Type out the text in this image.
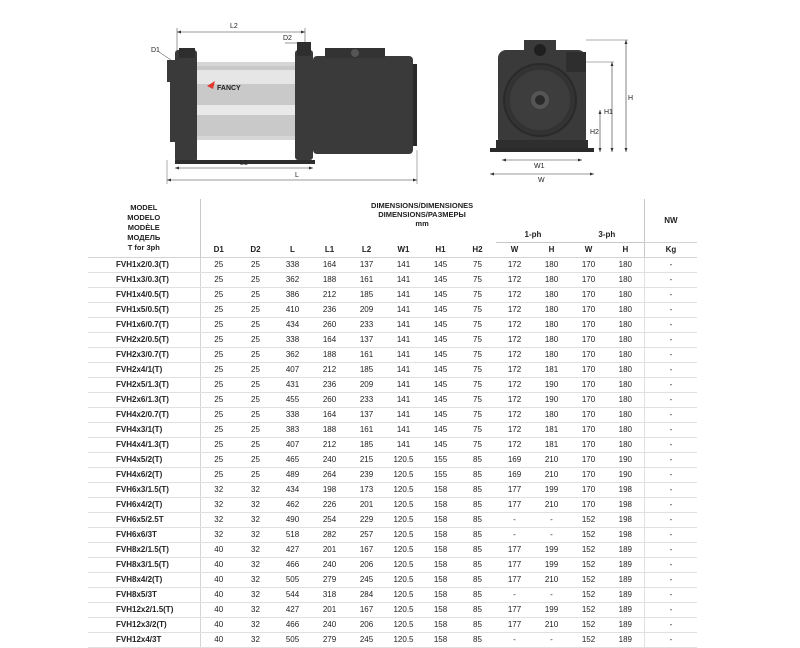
L2
D1
D2
FANCY
L1
L
H
H1
H2
W1
W
MODEL
MODELO
MODÈLE
МОДЕЛЬ
T for 3ph	DIMENSIONS/DIMENSIONES
DIMENSIONS/РАЗМЕРЫ
mm												NW
									1-ph		3-ph		
	D1	D2	L	L1	L2	W1	H1	H2	W	H	W	H	Kg
FVH1x2/0.3(T)	25	25	338	164	137	141	145	75	172	180	170	180	-
FVH1x3/0.3(T)	25	25	362	188	161	141	145	75	172	180	170	180	-
FVH1x4/0.5(T)	25	25	386	212	185	141	145	75	172	180	170	180	-
FVH1x5/0.5(T)	25	25	410	236	209	141	145	75	172	180	170	180	-
FVH1x6/0.7(T)	25	25	434	260	233	141	145	75	172	180	170	180	-
FVH2x2/0.5(T)	25	25	338	164	137	141	145	75	172	180	170	180	-
FVH2x3/0.7(T)	25	25	362	188	161	141	145	75	172	180	170	180	-
FVH2x4/1(T)	25	25	407	212	185	141	145	75	172	181	170	180	-
FVH2x5/1.3(T)	25	25	431	236	209	141	145	75	172	190	170	180	-
FVH2x6/1.3(T)	25	25	455	260	233	141	145	75	172	190	170	180	-
FVH4x2/0.7(T)	25	25	338	164	137	141	145	75	172	180	170	180	-
FVH4x3/1(T)	25	25	383	188	161	141	145	75	172	181	170	180	-
FVH4x4/1.3(T)	25	25	407	212	185	141	145	75	172	181	170	180	-
FVH4x5/2(T)	25	25	465	240	215	120.5	155	85	169	210	170	190	-
FVH4x6/2(T)	25	25	489	264	239	120.5	155	85	169	210	170	190	-
FVH6x3/1.5(T)	32	32	434	198	173	120.5	158	85	177	199	170	198	-
FVH6x4/2(T)	32	32	462	226	201	120.5	158	85	177	210	170	198	-
FVH6x5/2.5T	32	32	490	254	229	120.5	158	85	-	-	152	198	-
FVH6x6/3T	32	32	518	282	257	120.5	158	85	-	-	152	198	-
FVH8x2/1.5(T)	40	32	427	201	167	120.5	158	85	177	199	152	189	-
FVH8x3/1.5(T)	40	32	466	240	206	120.5	158	85	177	199	152	189	-
FVH8x4/2(T)	40	32	505	279	245	120.5	158	85	177	210	152	189	-
FVH8x5/3T	40	32	544	318	284	120.5	158	85	-	-	152	189	-
FVH12x2/1.5(T)	40	32	427	201	167	120.5	158	85	177	199	152	189	-
FVH12x3/2(T)	40	32	466	240	206	120.5	158	85	177	210	152	189	-
FVH12x4/3T	40	32	505	279	245	120.5	158	85	-	-	152	189	-
